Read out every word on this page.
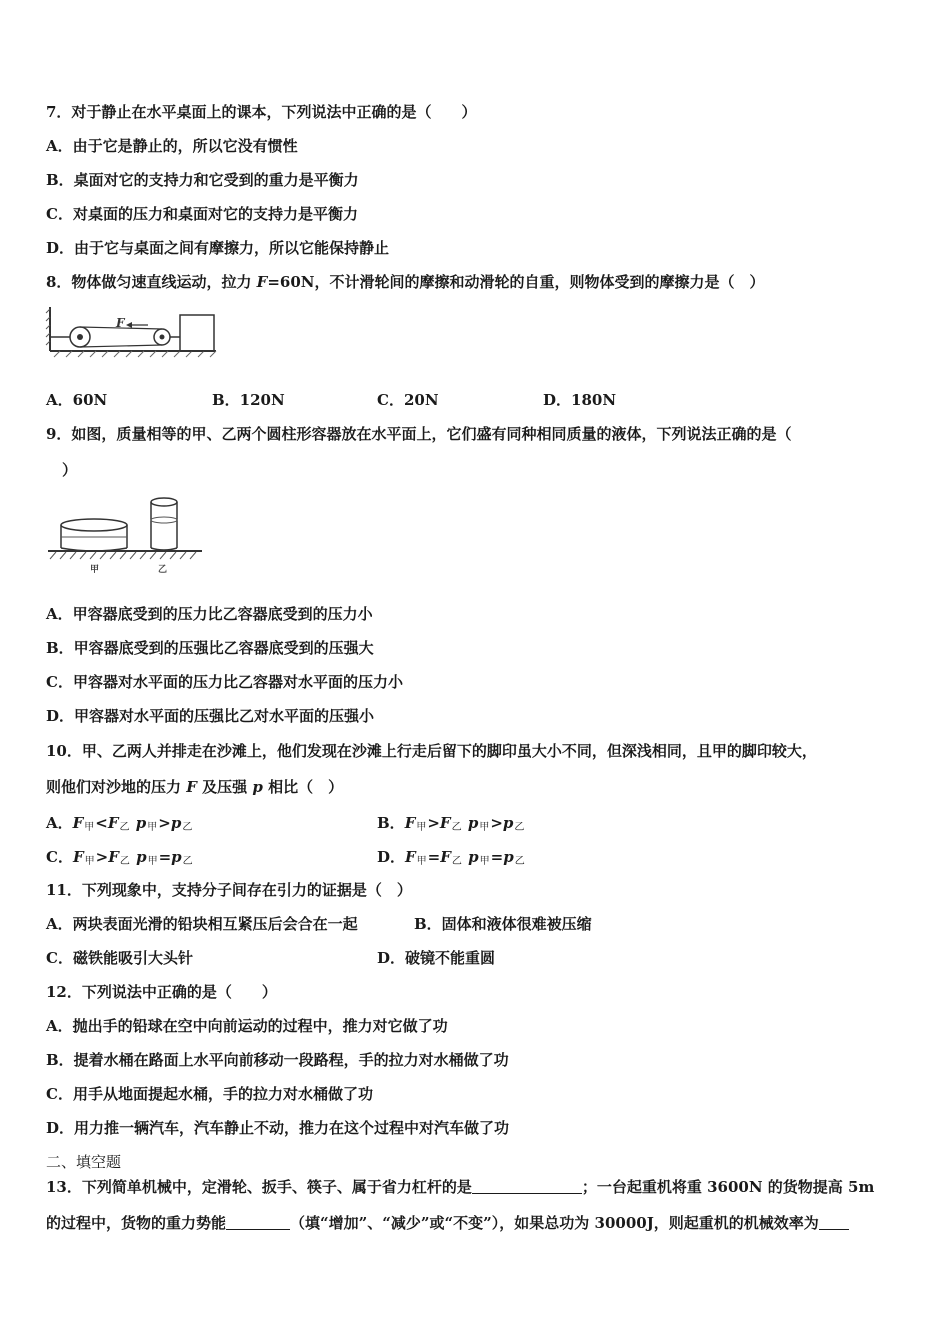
7．对于静止在水平桌面上的课本，下列说法中正确的是（　　）
A．由于它是静止的，所以它没有惯性
B．桌面对它的支持力和它受到的重力是平衡力
C．对桌面的压力和桌面对它的支持力是平衡力
D．由于它与桌面之间有摩擦力，所以它能保持静止
8．物体做匀速直线运动，拉力 F=60N，不计滑轮间的摩擦和动滑轮的自重，则物体受到的摩擦力是（　）
F
A．60N	B．120N	C．20N	D．180N
9．如图，质量相等的甲、乙两个圆柱形容器放在水平面上，它们盛有同种相同质量的液体，下列说法正确的是（
）
甲	乙
A．甲容器底受到的压力比乙容器底受到的压力小
B．甲容器底受到的压强比乙容器底受到的压强大
C．甲容器对水平面的压力比乙容器对水平面的压力小
D．甲容器对水平面的压强比乙对水平面的压强小
10．甲、乙两人并排走在沙滩上，他们发现在沙滩上行走后留下的脚印虽大小不同，但深浅相同，且甲的脚印较大，
则他们对沙地的压力 F 及压强 p 相比（　）
A．$F_甲<F_乙$ $p_甲>p_乙$	B．$F_甲>F_乙$ $p_甲>p_乙$
C．$F_甲>F_乙$ $p_甲=p_乙$	D．$F_甲=F_乙$ $p_甲=p_乙$
11．下列现象中，支持分子间存在引力的证据是（　）
A．两块表面光滑的铅块相互紧压后会合在一起	B．固体和液体很难被压缩
C．磁铁能吸引大头针	D．破镜不能重圆
12．下列说法中正确的是（　　）
A．抛出手的铅球在空中向前运动的过程中，推力对它做了功
B．提着水桶在路面上水平向前移动一段路程，手的拉力对水桶做了功
C．用手从地面提起水桶，手的拉力对水桶做了功
D．用力推一辆汽车，汽车静止不动，推力在这个过程中对汽车做了功
二、填空题
13．下列简单机械中，定滑轮、扳手、筷子、属于省力杠杆的是	；一台起重机将重 3600N 的货物提高 5m
的过程中，货物的重力势能	（填“增加”、“减少”或“不变”），如果总功为 30000J，则起重机的机械效率为
